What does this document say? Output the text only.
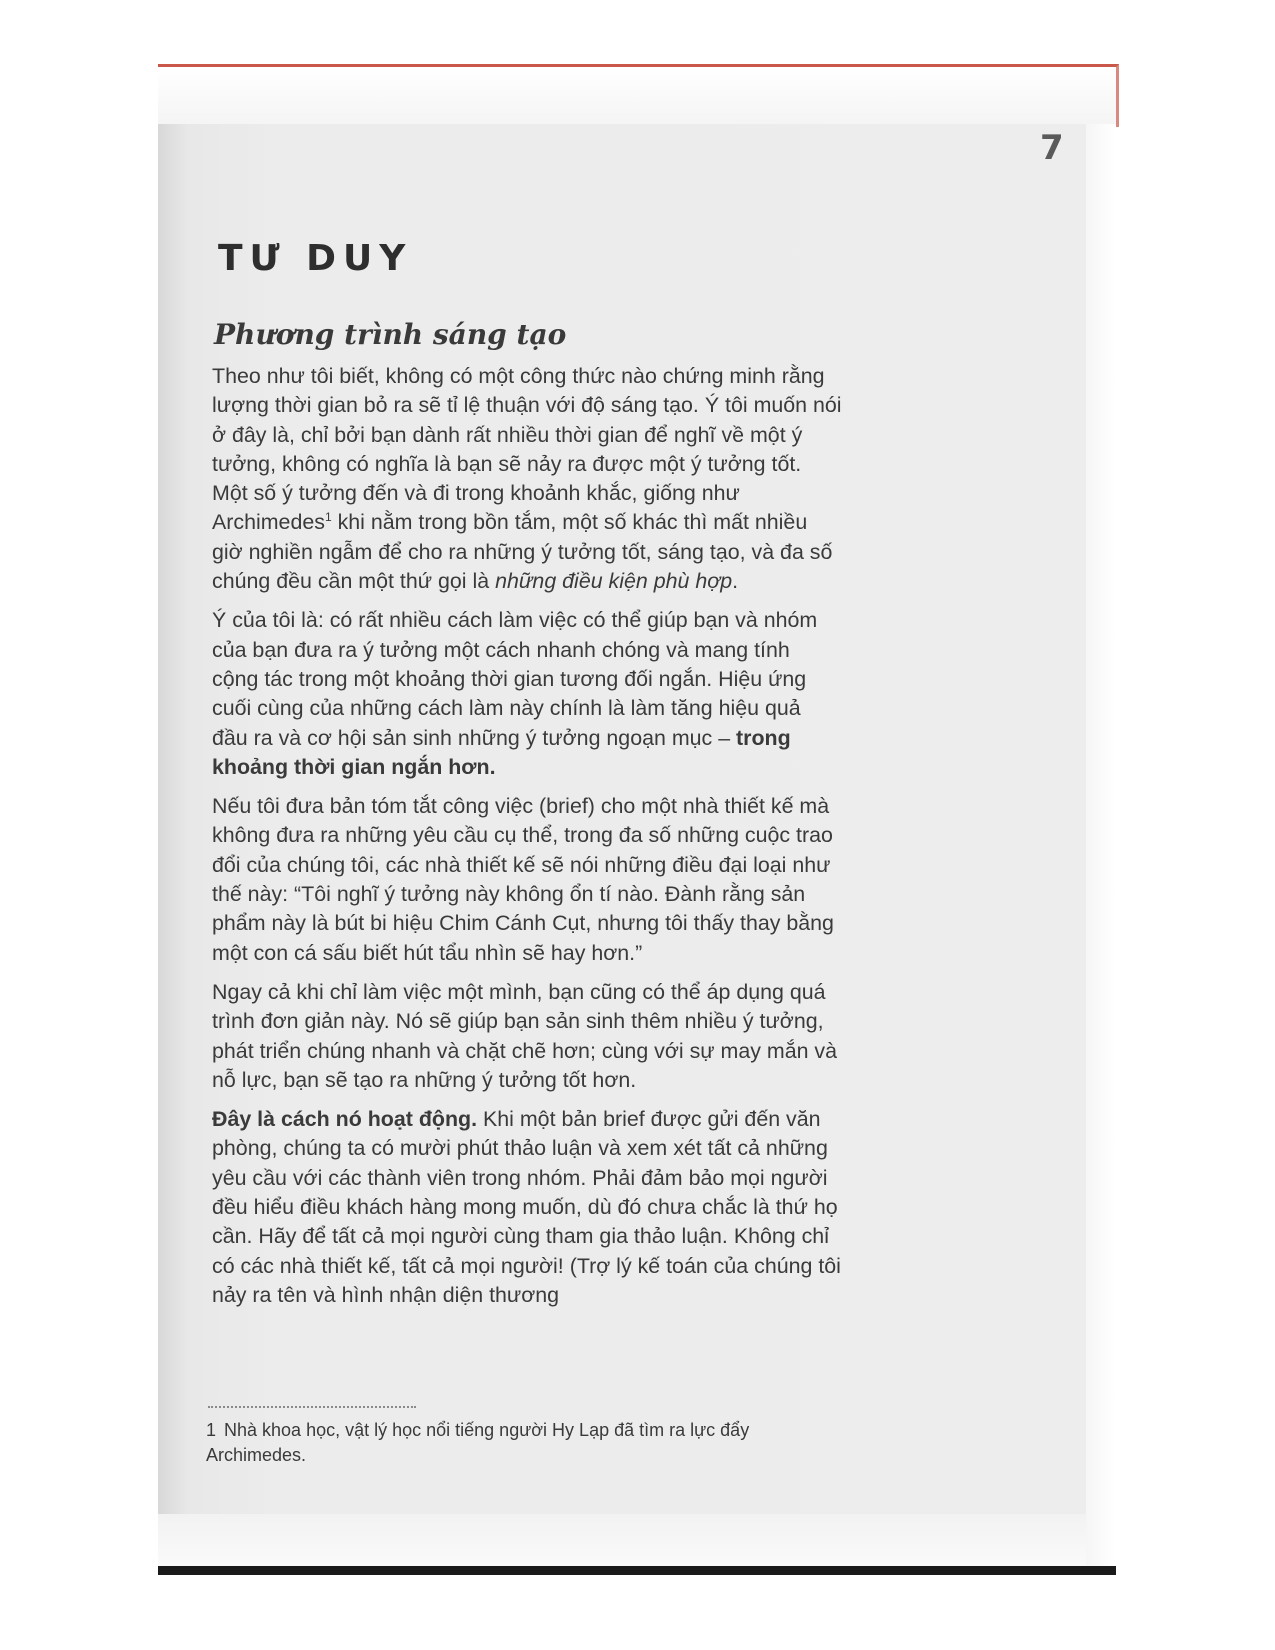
7
TƯ DUY
Phương trình sáng tạo

Theo như tôi biết, không có một công thức nào chứng minh rằng lượng thời gian bỏ ra sẽ tỉ lệ thuận với độ sáng tạo. Ý tôi muốn nói ở đây là, chỉ bởi bạn dành rất nhiều thời gian để nghĩ về một ý tưởng, không có nghĩa là bạn sẽ nảy ra được một ý tưởng tốt. Một số ý tưởng đến và đi trong khoảnh khắc, giống như Archimedes$^1$ khi nằm trong bồn tắm, một số khác thì mất nhiều giờ nghiền ngẫm để cho ra những ý tưởng tốt, sáng tạo, và đa số chúng đều cần một thứ gọi là những điều kiện phù hợp.

Ý của tôi là: có rất nhiều cách làm việc có thể giúp bạn và nhóm của bạn đưa ra ý tưởng một cách nhanh chóng và mang tính cộng tác trong một khoảng thời gian tương đối ngắn. Hiệu ứng cuối cùng của những cách làm này chính là làm tăng hiệu quả đầu ra và cơ hội sản sinh những ý tưởng ngoạn mục – trong khoảng thời gian ngắn hơn.

Nếu tôi đưa bản tóm tắt công việc (brief) cho một nhà thiết kế mà không đưa ra những yêu cầu cụ thể, trong đa số những cuộc trao đổi của chúng tôi, các nhà thiết kế sẽ nói những điều đại loại như thế này: “Tôi nghĩ ý tưởng này không ổn tí nào. Đành rằng sản phẩm này là bút bi hiệu Chim Cánh Cụt, nhưng tôi thấy thay bằng một con cá sấu biết hút tẩu nhìn sẽ hay hơn.”

Ngay cả khi chỉ làm việc một mình, bạn cũng có thể áp dụng quá trình đơn giản này. Nó sẽ giúp bạn sản sinh thêm nhiều ý tưởng, phát triển chúng nhanh và chặt chẽ hơn; cùng với sự may mắn và nỗ lực, bạn sẽ tạo ra những ý tưởng tốt hơn.

Đây là cách nó hoạt động. Khi một bản brief được gửi đến văn phòng, chúng ta có mười phút thảo luận và xem xét tất cả những yêu cầu với các thành viên trong nhóm. Phải đảm bảo mọi người đều hiểu điều khách hàng mong muốn, dù đó chưa chắc là thứ họ cần. Hãy để tất cả mọi người cùng tham gia thảo luận. Không chỉ có các nhà thiết kế, tất cả mọi người! (Trợ lý kế toán của chúng tôi nảy ra tên và hình nhận diện thương

1 Nhà khoa học, vật lý học nổi tiếng người Hy Lạp đã tìm ra lực đẩy Archimedes.
